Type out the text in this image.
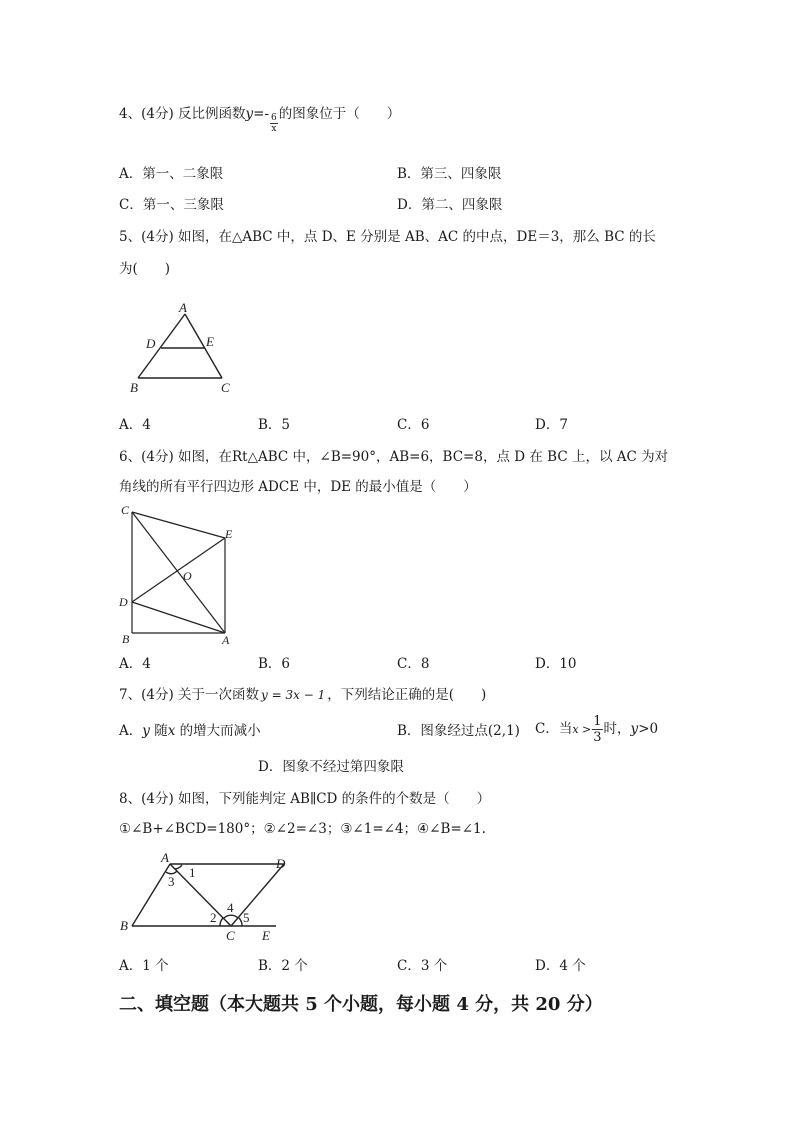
4、(4分) 反比例函数$y=- \frac{6}{x}$ 的图象位于（　　）
A．第一、二象限	B．第三、四象限
C．第一、三象限	D．第二、四象限
5、(4分) 如图，在△ABC 中，点 D、E 分别是 AB、AC 的中点，DE＝3，那么 BC 的长
为(　　)
A
D	E
B	C
A．4	B．5	C．6	D．7
6、(4分) 如图，在Rt△ABC 中，∠B=90°，AB=6，BC=8，点 D 在 BC 上，以 AC 为对
角线的所有平行四边形 ADCE 中，DE 的最小值是（　　）
C
E
O
D
B	A
A．4	B．6	C．8	D．10
7、(4分) 关于一次函数 y = 3x − 1 ，下列结论正确的是(　　)
A．y 随x 的增大而减小	B．图象经过点(2,1) C．当$x > \frac{1}{3}$ 时，y>0
D．图象不经过第四象限
8、(4分) 如图，下列能判定 AB∥CD 的条件的个数是（　　）
①∠B+∠BCD=180°；②∠2=∠3；③∠1=∠4；④∠B=∠1.
A	D
B
C E
1
3
2
4
5
A．1 个	B．2 个	C．3 个	D．4 个
二、填空题（本大题共 5 个小题，每小题 4 分，共 20 分）
